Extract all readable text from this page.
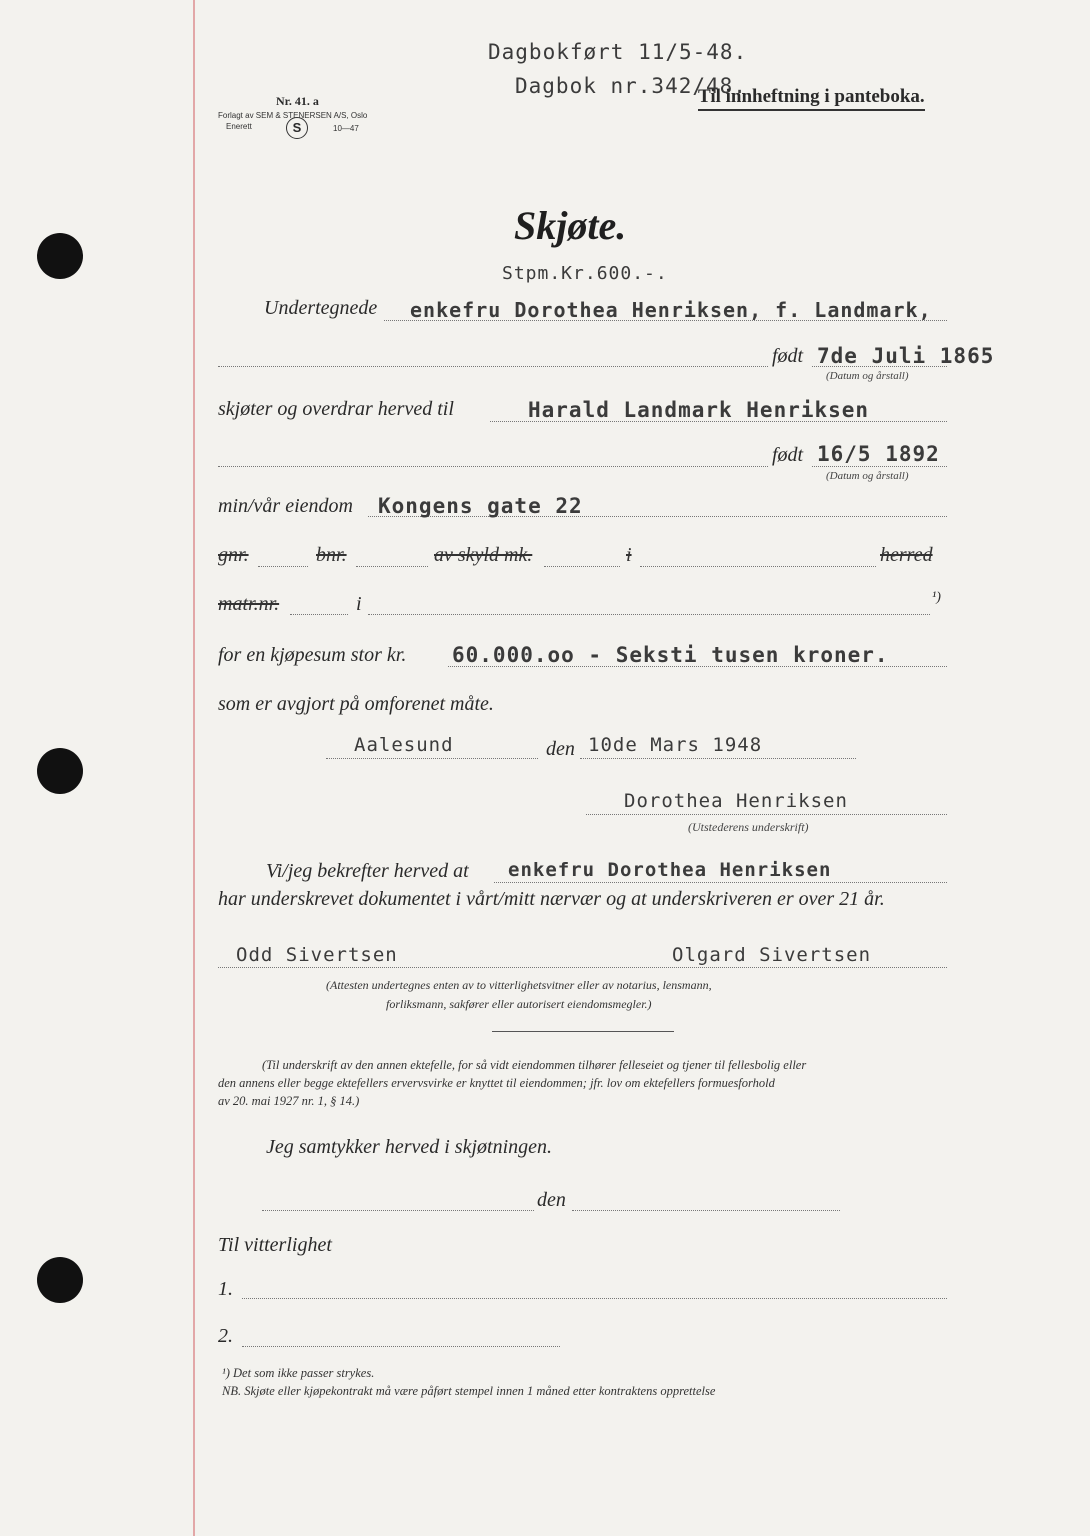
Dagbokført 11/5-48.
Dagbok nr.342/48.
Til innheftning i panteboka.
Nr. 41. a
Forlagt av SEM & STENERSEN A/S, Oslo
Enerett	S	10—47
Skjøte.
Stpm.Kr.600.-.
Undertegnede enkefru Dorothea Henriksen, f. Landmark,
født 7de Juli 1865
(Datum og årstall)
skjøter og overdrar herved til	Harald Landmark Henriksen
født 16/5 1892
(Datum og årstall)
min/vår eiendom Kongens gate 22
gnr.	bnr.	av skyld mk.	i	herred
matr.nr.	i	¹)
for en kjøpesum stor kr. 60.000.oo - Seksti tusen kroner.
som er avgjort på omforenet måte.
Aalesund	den 10de Mars 1948
Dorothea Henriksen
(Utstederens underskrift)
Vi/jeg bekrefter herved at enkefru Dorothea Henriksen
har underskrevet dokumentet i vårt/mitt nærvær og at underskriveren er over 21 år.
Odd Sivertsen	Olgard Sivertsen
(Attesten undertegnes enten av to vitterlighetsvitner eller av notarius, lensmann,
forliksmann, sakfører eller autorisert eiendomsmegler.)
(Til underskrift av den annen ektefelle, for så vidt eiendommen tilhører felleseiet og tjener til fellesbolig eller
den annens eller begge ektefellers ervervsvirke er knyttet til eiendommen; jfr. lov om ektefellers formuesforhold
av 20. mai 1927 nr. 1, § 14.)
Jeg samtykker herved i skjøtningen.
den
Til vitterlighet
1.
2.
¹) Det som ikke passer strykes.
NB. Skjøte eller kjøpekontrakt må være påført stempel innen 1 måned etter kontraktens opprettelse
